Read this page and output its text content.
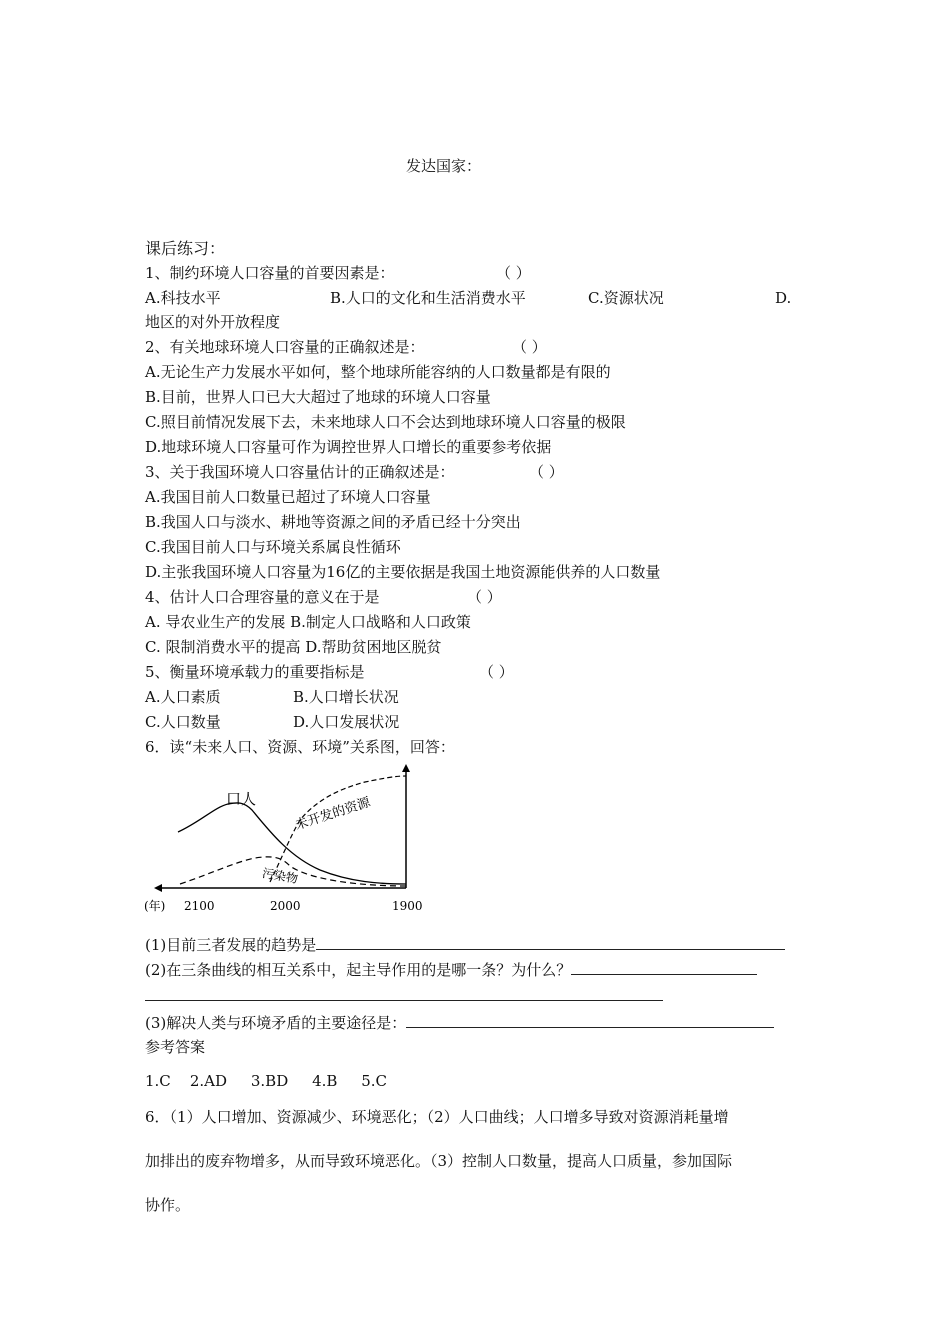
发达国家：
课后练习：
1、制约环境人口容量的首要因素是：	（ ）
A.科技水平	B.人口的文化和生活消费水平	C.资源状况	D.
地区的对外开放程度
2、有关地球环境人口容量的正确叙述是：	（ ）
A.无论生产力发展水平如何，整个地球所能容纳的人口数量都是有限的
B.目前，世界人口已大大超过了地球的环境人口容量
C.照目前情况发展下去，未来地球人口不会达到地球环境人口容量的极限
D.地球环境人口容量可作为调控世界人口增长的重要参考依据
3、关于我国环境人口容量估计的正确叙述是：	（ ）
A.我国目前人口数量已超过了环境人口容量
B.我国人口与淡水、耕地等资源之间的矛盾已经十分突出
C.我国目前人口与环境关系属良性循环
D.主张我国环境人口容量为16亿的主要依据是我国土地资源能供养的人口数量
4、估计人口合理容量的意义在于是	（ ）
A. 导农业生产的发展 B.制定人口战略和人口政策
C. 限制消费水平的提高 D.帮助贫困地区脱贫
5、衡量环境承载力的重要指标是	（ ）
A.人口素质	B.人口增长状况
C.人口数量	D.人口发展状况
6．读“未来人口、资源、环境”关系图，回答：
口人	未开发的资源
污染物
(年) 2100	2000	1900
(1)目前三者发展的趋势是
(2)在三条曲线的相互关系中，起主导作用的是哪一条？为什么？
(3)解决人类与环境矛盾的主要途径是：
参考答案
1.C    2.AD     3.BD     4.B     5.C
6．（1）人口增加、资源减少、环境恶化；（2）人口曲线；人口增多导致对资源消耗量增
加排出的废弃物增多，从而导致环境恶化。（3）控制人口数量，提高人口质量，参加国际
协作。
